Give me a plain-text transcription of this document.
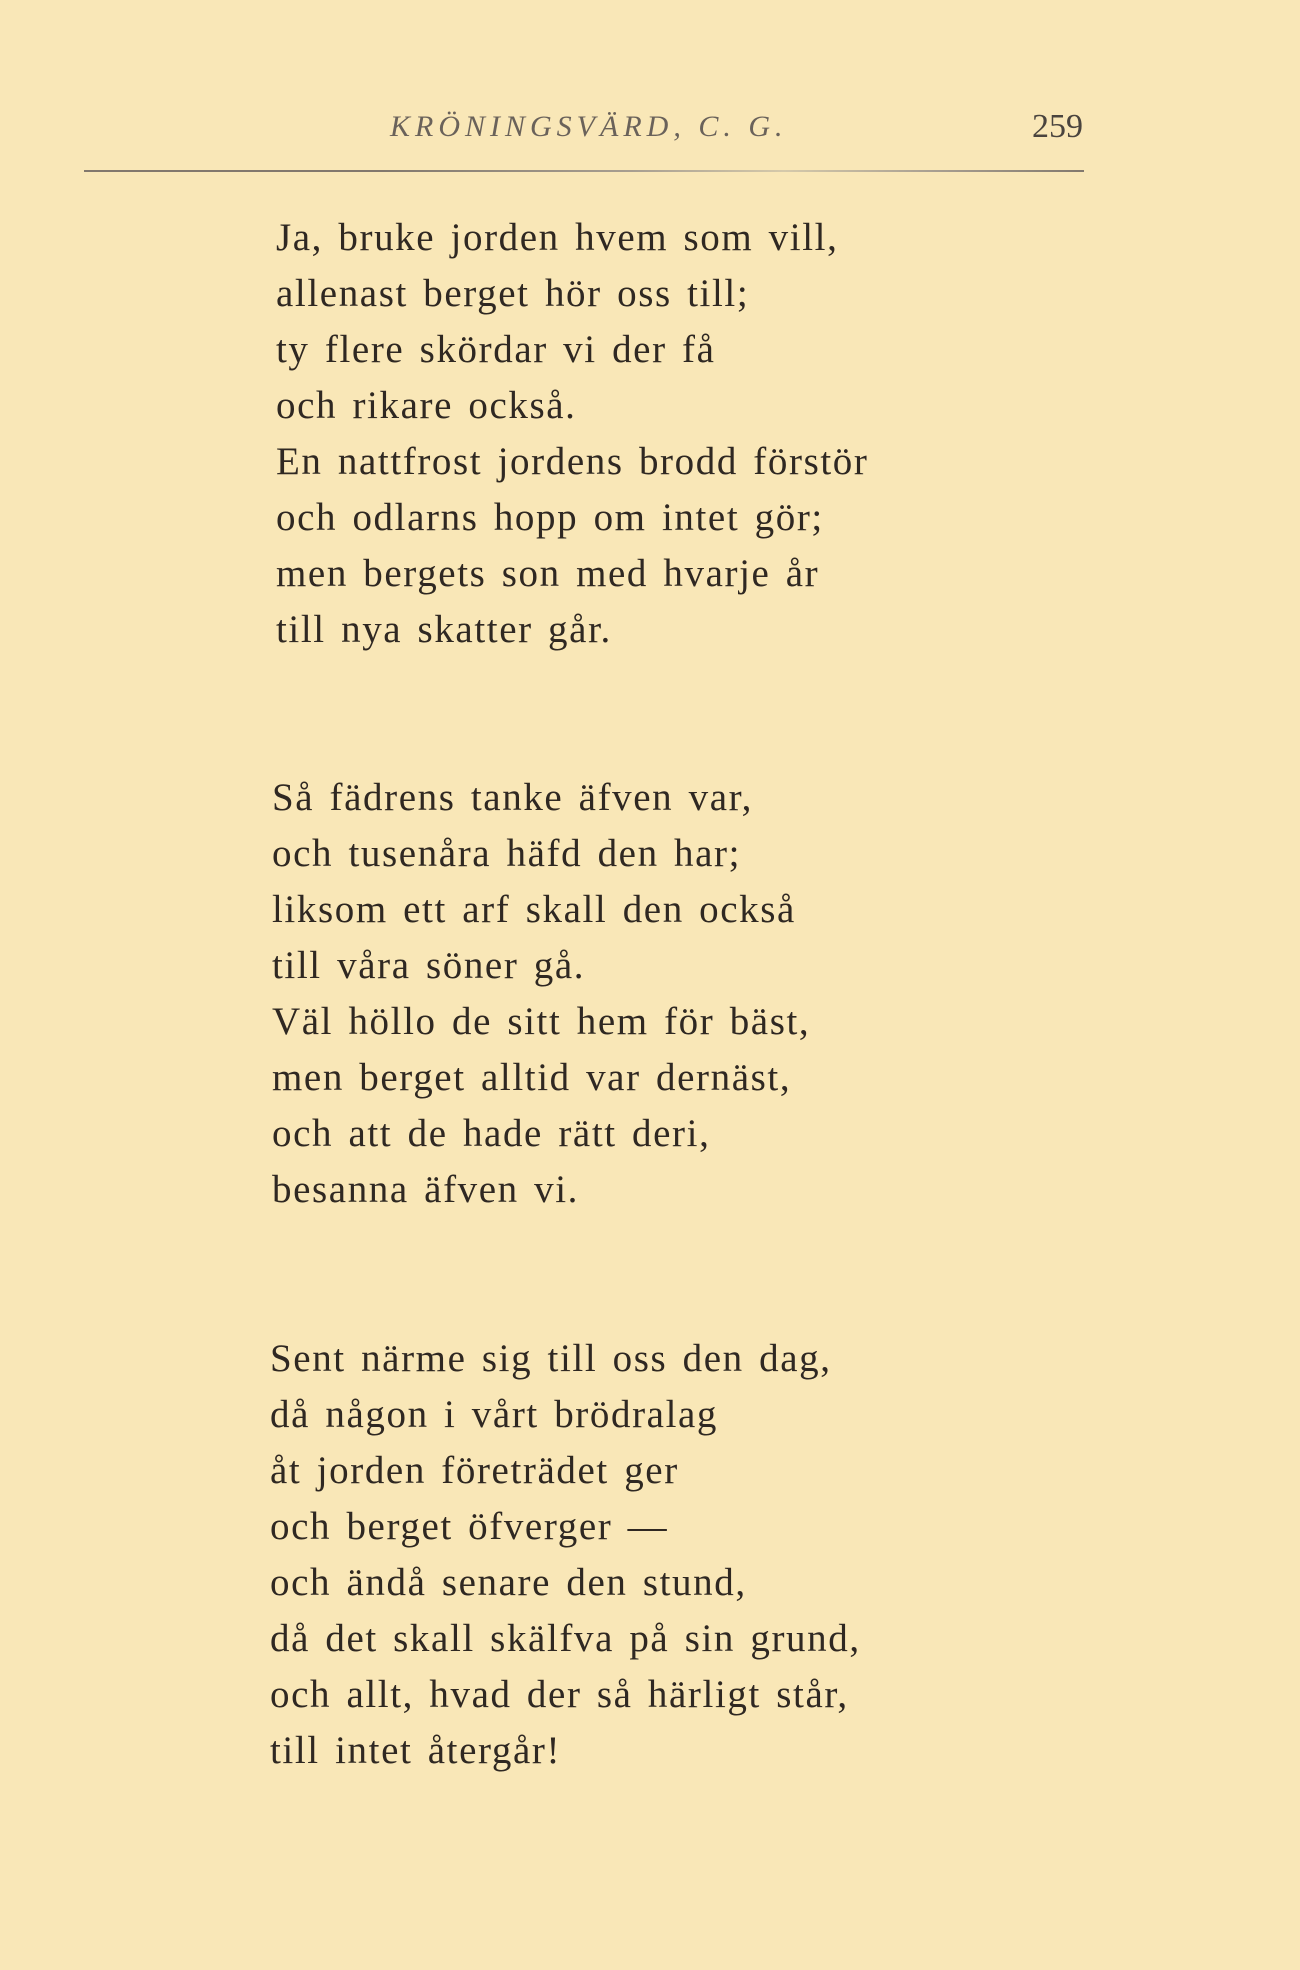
KRÖNINGSVÄRD, C. G.	259
Ja, bruke jorden hvem som vill,
allenast berget hör oss till;
ty flere skördar vi der få
och rikare också.
En nattfrost jordens brodd förstör
och odlarns hopp om intet gör;
men bergets son med hvarje år
till nya skatter går.
Så fädrens tanke äfven var,
och tusenåra häfd den har;
liksom ett arf skall den också
till våra söner gå.
Väl höllo de sitt hem för bäst,
men berget alltid var dernäst,
och att de hade rätt deri,
besanna äfven vi.
Sent närme sig till oss den dag,
då någon i vårt brödralag
åt jorden företrädet ger
och berget öfverger —
och ändå senare den stund,
då det skall skälfva på sin grund,
och allt, hvad der så härligt står,
till intet återgår!
